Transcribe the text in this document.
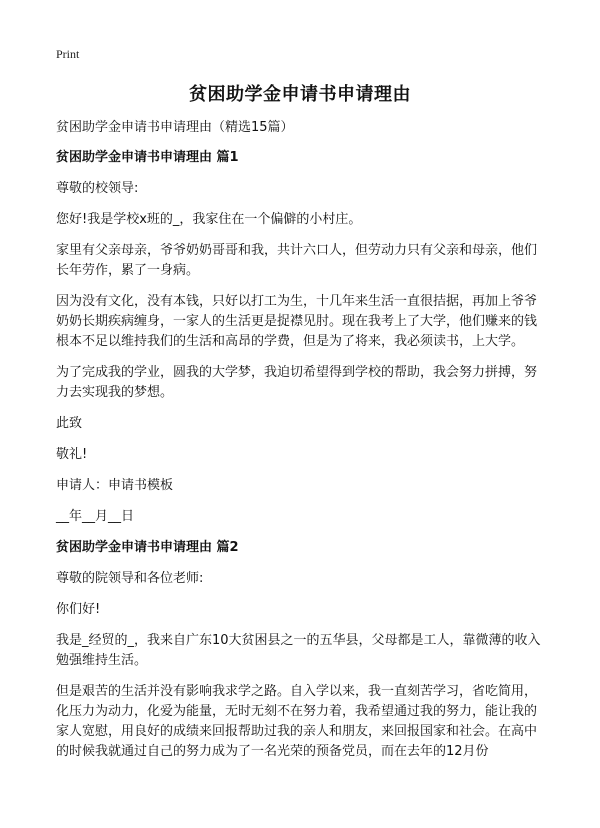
Print
贫困助学金申请书申请理由

贫困助学金申请书申请理由（精选15篇）

贫困助学金申请书申请理由 篇1

尊敬的校领导:

您好!我是学校x班的_，我家住在一个偏僻的小村庄。

家里有父亲母亲，爷爷奶奶哥哥和我，共计六口人，但劳动力只有父亲和母亲，他们长年劳作，累了一身病。

因为没有文化，没有本钱，只好以打工为生，十几年来生活一直很拮据，再加上爷爷奶奶长期疾病缠身，一家人的生活更是捉襟见肘。现在我考上了大学，他们赚来的钱根本不足以维持我们的生活和高昂的学费，但是为了将来，我必须读书，上大学。

为了完成我的学业，圆我的大学梦，我迫切希望得到学校的帮助，我会努力拼搏，努力去实现我的梦想。

此致

敬礼!

申请人：申请书模板

__年__月__日

贫困助学金申请书申请理由 篇2

尊敬的院领导和各位老师:

你们好!

我是_经贸的_，我来自广东10大贫困县之一的五华县，父母都是工人，靠微薄的收入勉强维持生活。

但是艰苦的生活并没有影响我求学之路。自入学以来，我一直刻苦学习，省吃简用，化压力为动力，化爱为能量，无时无刻不在努力着，我希望通过我的努力，能让我的家人宽慰，用良好的成绩来回报帮助过我的亲人和朋友，来回报国家和社会。在高中的时候我就通过自己的努力成为了一名光荣的预备党员，而在去年的12月份
